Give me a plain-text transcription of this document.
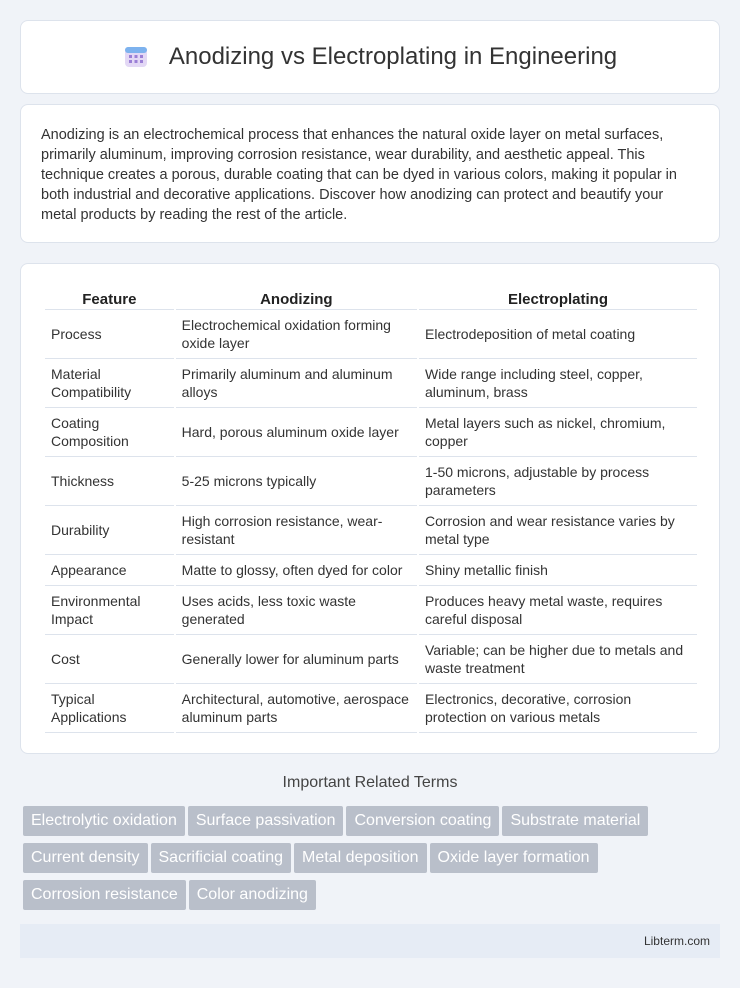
Anodizing vs Electroplating in Engineering

Anodizing is an electrochemical process that enhances the natural oxide layer on metal surfaces, primarily aluminum, improving corrosion resistance, wear durability, and aesthetic appeal. This technique creates a porous, durable coating that can be dyed in various colors, making it popular in both industrial and decorative applications. Discover how anodizing can protect and beautify your metal products by reading the rest of the article.

Feature	Anodizing	Electroplating
Process	Electrochemical oxidation forming oxide layer	Electrodeposition of metal coating
Material Compatibility	Primarily aluminum and aluminum alloys	Wide range including steel, copper, aluminum, brass
Coating Composition	Hard, porous aluminum oxide layer	Metal layers such as nickel, chromium, copper
Thickness	5-25 microns typically	1-50 microns, adjustable by process parameters
Durability	High corrosion resistance, wear-resistant	Corrosion and wear resistance varies by metal type
Appearance	Matte to glossy, often dyed for color	Shiny metallic finish
Environmental Impact	Uses acids, less toxic waste generated	Produces heavy metal waste, requires careful disposal
Cost	Generally lower for aluminum parts	Variable; can be higher due to metals and waste treatment
Typical Applications	Architectural, automotive, aerospace aluminum parts	Electronics, decorative, corrosion protection on various metals
Important Related Terms
Electrolytic oxidation Surface passivation Conversion coating Substrate material
Current density Sacrificial coating Metal deposition Oxide layer formation
Corrosion resistance Color anodizing
Libterm.com
